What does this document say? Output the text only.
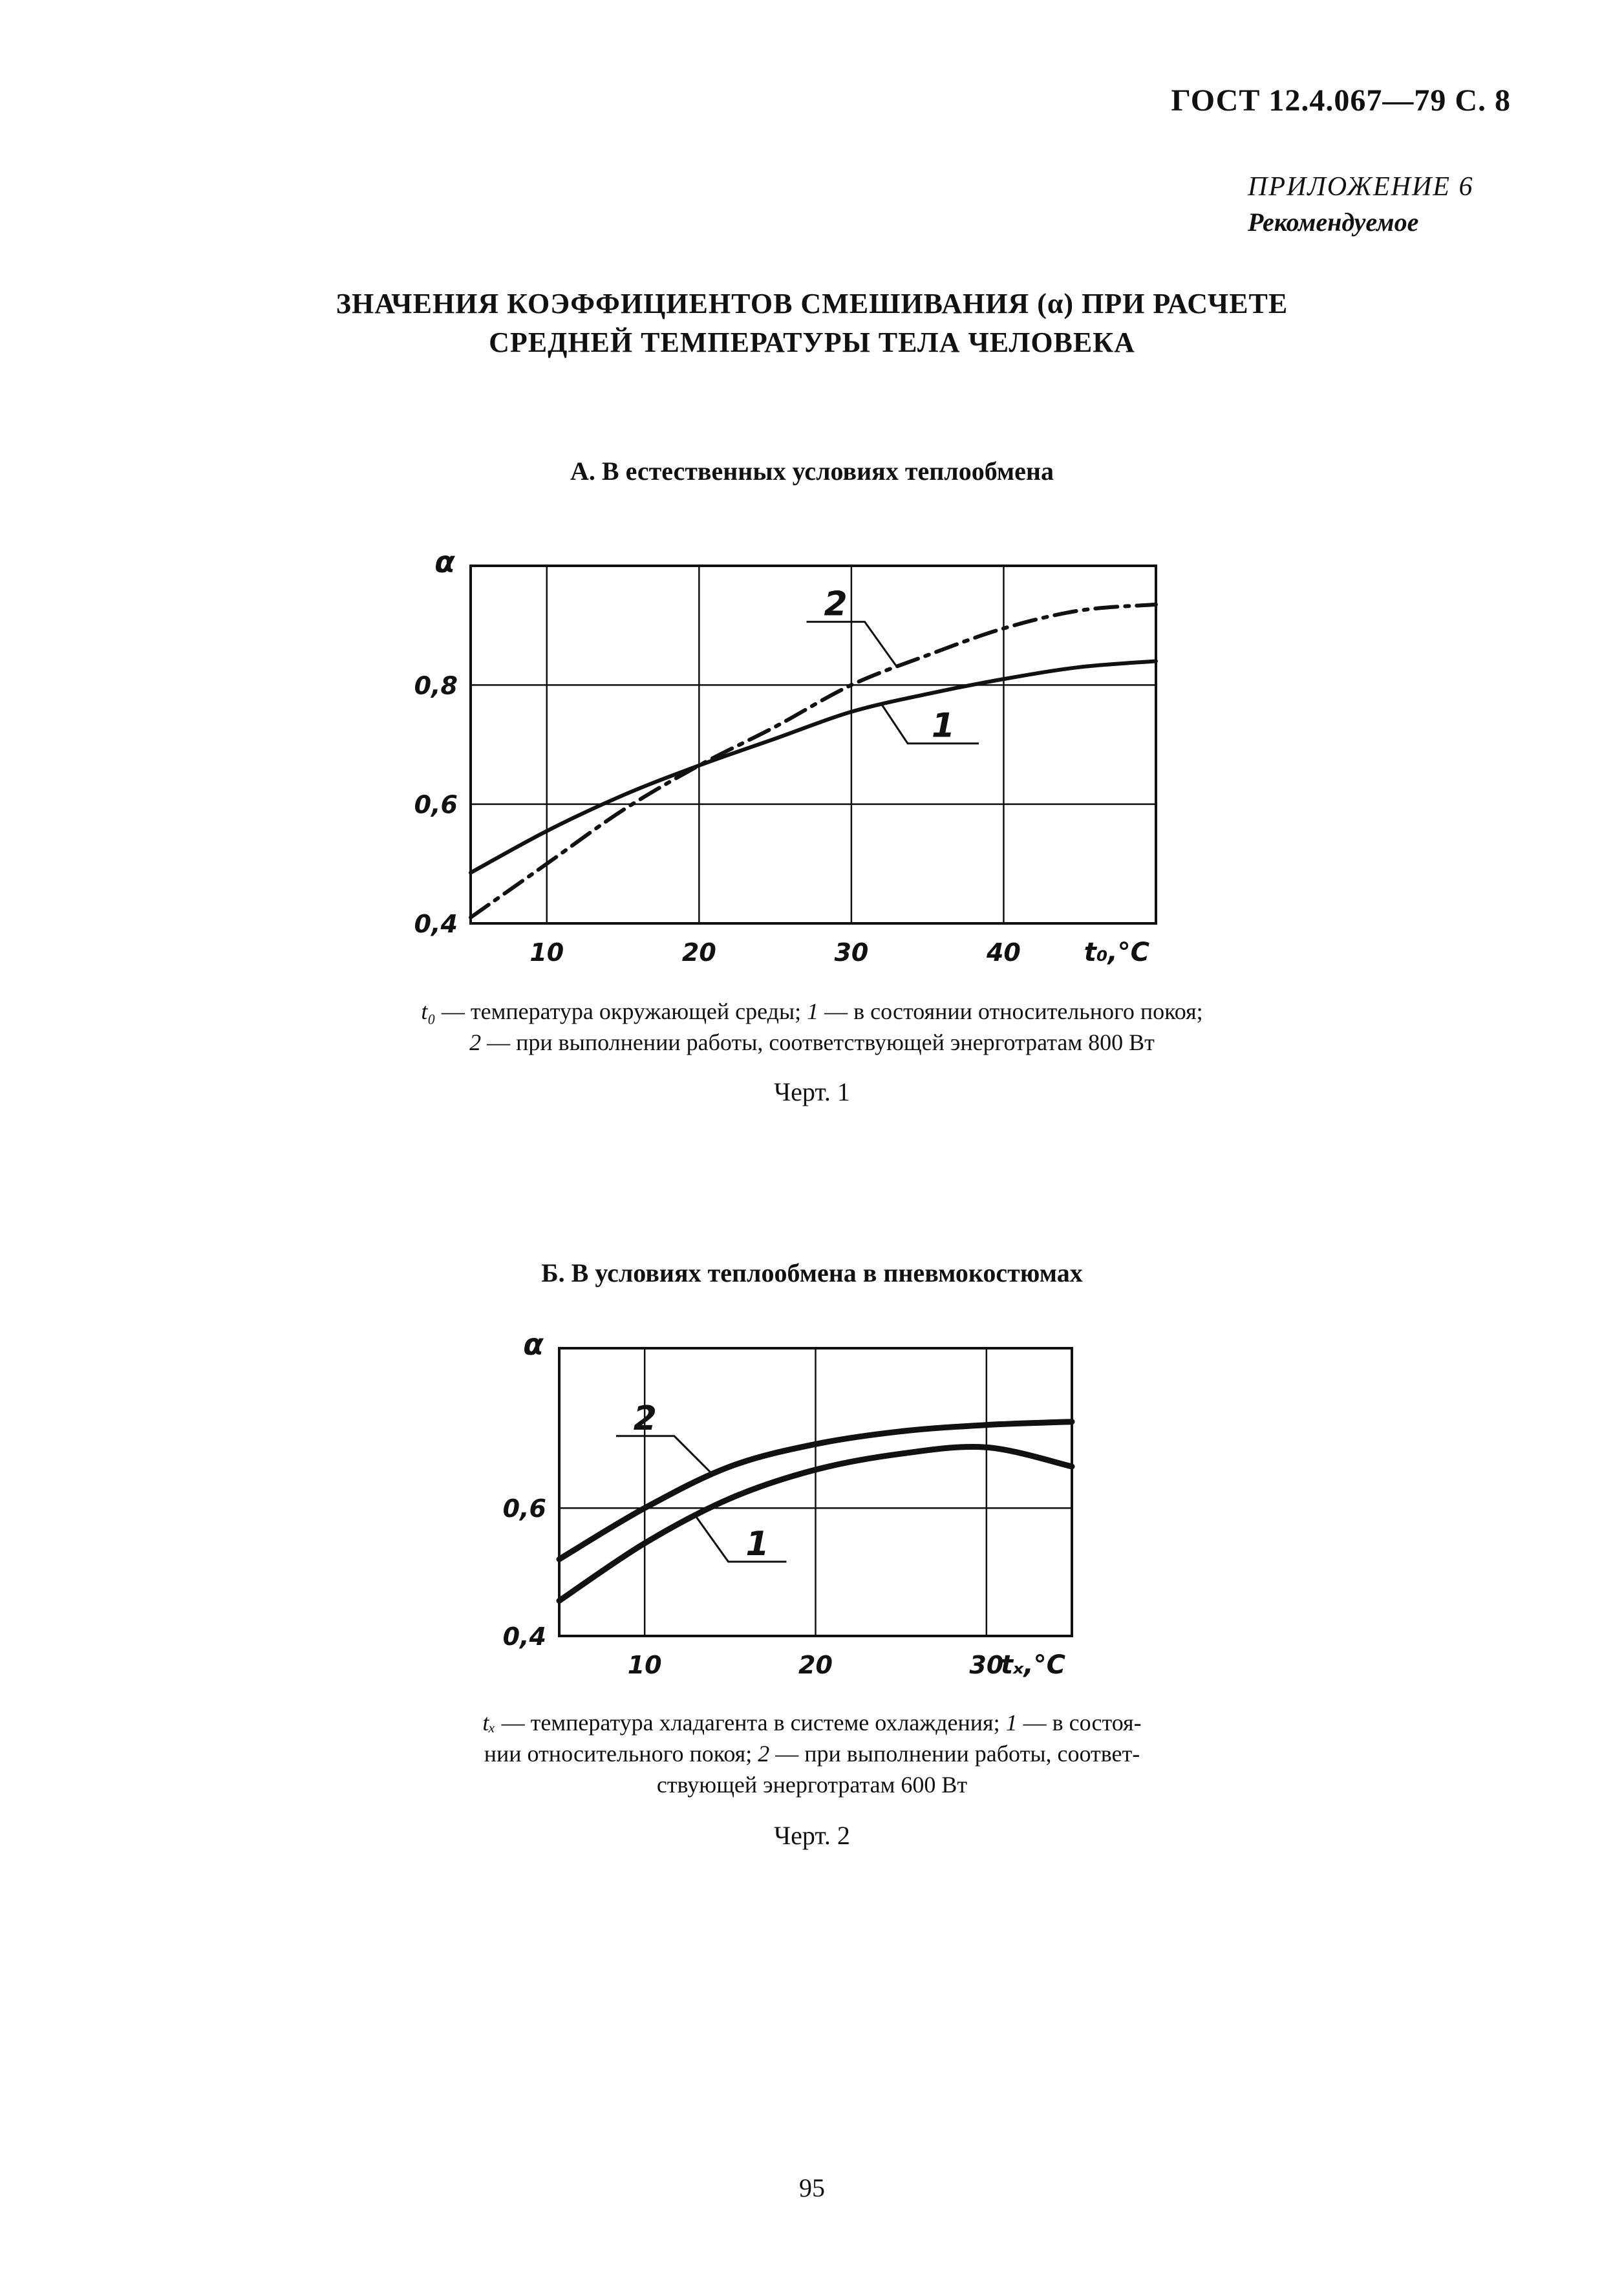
ГОСТ 12.4.067—79 С. 8
ПРИЛОЖЕНИЕ 6
Рекомендуемое
ЗНАЧЕНИЯ КОЭФФИЦИЕНТОВ СМЕШИВАНИЯ (α) ПРИ РАСЧЕТЕ
СРЕДНЕЙ ТЕМПЕРАТУРЫ ТЕЛА ЧЕЛОВЕКА
А. В естественных условиях теплообмена
10	20	30	40
0,4
0,6
0,8
α
t₀,°C
2
1
10	20	30
0,4
0,6
α
tₓ,°C
2
1
t₀ — температура окружающей среды; 1 — в состоянии относительного покоя;
2 — при выполнении работы, соответствующей энерготратам 800 Вт
Черт. 1
Б. В условиях теплообмена в пневмокостюмах
tₓ — температура хладагента в системе охлаждения; 1 — в состоя-
нии относительного покоя; 2 — при выполнении работы, соответ-
ствующей энерготратам 600 Вт
Черт. 2
95
